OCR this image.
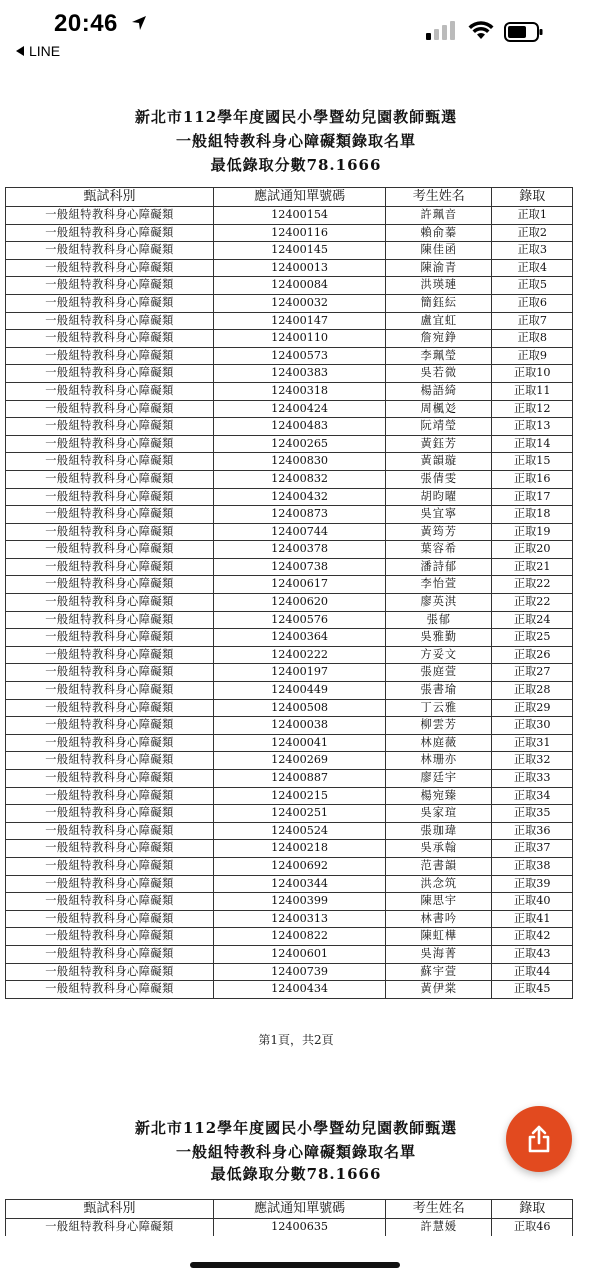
20:46
LINE
新北市112學年度國民小學暨幼兒園教師甄選
一般組特教科身心障礙類錄取名單
最低錄取分數78.1666
甄試科別	應試通知單號碼	考生姓名	錄取
一般組特教科身心障礙類	12400154	許珮音	正取1
一般組特教科身心障礙類	12400116	賴俞蓁	正取2
一般組特教科身心障礙類	12400145	陳佳函	正取3
一般組特教科身心障礙類	12400013	陳渝青	正取4
一般組特教科身心障礙類	12400084	洪瑛璉	正取5
一般組特教科身心障礙類	12400032	簡鈺紜	正取6
一般組特教科身心障礙類	12400147	盧宜虹	正取7
一般組特教科身心障礙類	12400110	詹宛錚	正取8
一般組特教科身心障礙類	12400573	李珮瑩	正取9
一般組特教科身心障礙類	12400383	吳若微	正取10
一般組特教科身心障礙類	12400318	楊語綺	正取11
一般組特教科身心障礙類	12400424	周楓彣	正取12
一般組特教科身心障礙類	12400483	阮靖瑩	正取13
一般組特教科身心障礙類	12400265	黃鈺芳	正取14
一般組特教科身心障礙類	12400830	黃韻璇	正取15
一般組特教科身心障礙類	12400832	張倩雯	正取16
一般組特教科身心障礙類	12400432	胡昀曜	正取17
一般組特教科身心障礙類	12400873	吳宜寧	正取18
一般組特教科身心障礙類	12400744	黃筠芳	正取19
一般組特教科身心障礙類	12400378	葉容希	正取20
一般組特教科身心障礙類	12400738	潘詩郁	正取21
一般組特教科身心障礙類	12400617	李怡萱	正取22
一般組特教科身心障礙類	12400620	廖英淇	正取22
一般組特教科身心障礙類	12400576	張郁	正取24
一般組特教科身心障礙類	12400364	吳雅勤	正取25
一般組特教科身心障礙類	12400222	方妥文	正取26
一般組特教科身心障礙類	12400197	張庭萱	正取27
一般組特教科身心障礙類	12400449	張書瑜	正取28
一般組特教科身心障礙類	12400508	丁云雅	正取29
一般組特教科身心障礙類	12400038	柳雲芳	正取30
一般組特教科身心障礙類	12400041	林庭薇	正取31
一般組特教科身心障礙類	12400269	林珊亦	正取32
一般組特教科身心障礙類	12400887	廖廷宇	正取33
一般組特教科身心障礙類	12400215	楊宛臻	正取34
一般組特教科身心障礙類	12400251	吳家瑄	正取35
一般組特教科身心障礙類	12400524	張珈瑋	正取36
一般組特教科身心障礙類	12400218	吳承翰	正取37
一般組特教科身心障礙類	12400692	范書韻	正取38
一般組特教科身心障礙類	12400344	洪念筑	正取39
一般組特教科身心障礙類	12400399	陳思宇	正取40
一般組特教科身心障礙類	12400313	林書吟	正取41
一般組特教科身心障礙類	12400822	陳虹樺	正取42
一般組特教科身心障礙類	12400601	吳海菁	正取43
一般組特教科身心障礙類	12400739	蘇宇萱	正取44
一般組特教科身心障礙類	12400434	黃伊棠	正取45
第1頁，共2頁
新北市112學年度國民小學暨幼兒園教師甄選
一般組特教科身心障礙類錄取名單
最低錄取分數78.1666
甄試科別	應試通知單號碼	考生姓名	錄取
一般組特教科身心障礙類	12400635	許慧媛	正取46
